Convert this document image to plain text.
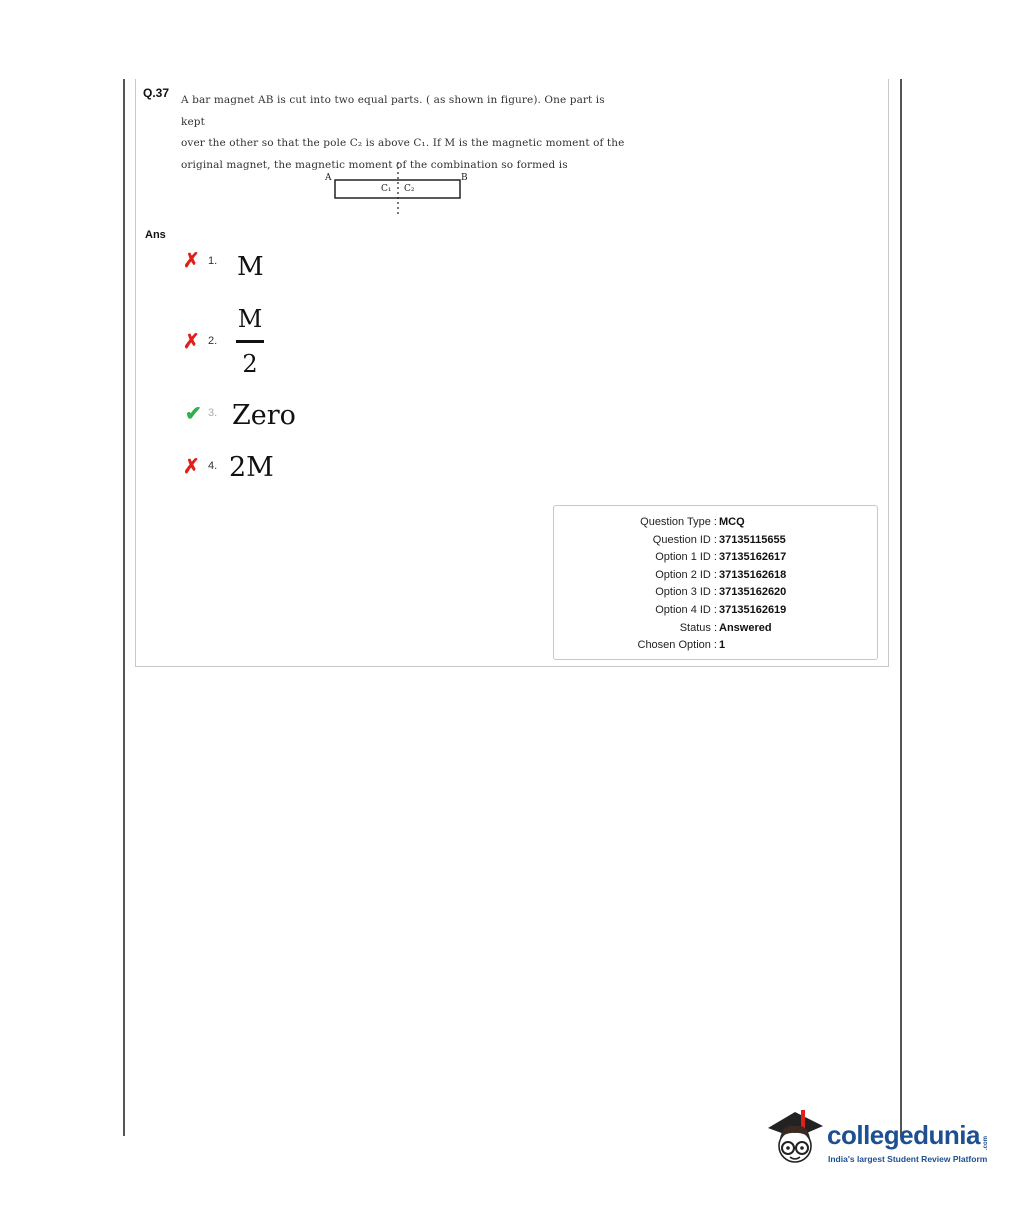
Q.37 A bar magnet AB is cut into two equal parts. ( as shown in figure). One part is kept
over the other so that the pole C₂ is above C₁. If M is the magnetic moment of the
original magnet, the magnetic moment of the combination so formed is
A	B
C₁ C₂
Ans
✗ 1. M
✗ 2.
M
2
✔ 3. Zero
✗ 4. 2M
Question Type : MCQ
Question ID : 37135115655
Option 1 ID : 37135162617
Option 2 ID : 37135162618
Option 3 ID : 37135162620
Option 4 ID : 37135162619
Status : Answered
Chosen Option : 1
collegedunia .com
India's largest Student Review Platform
